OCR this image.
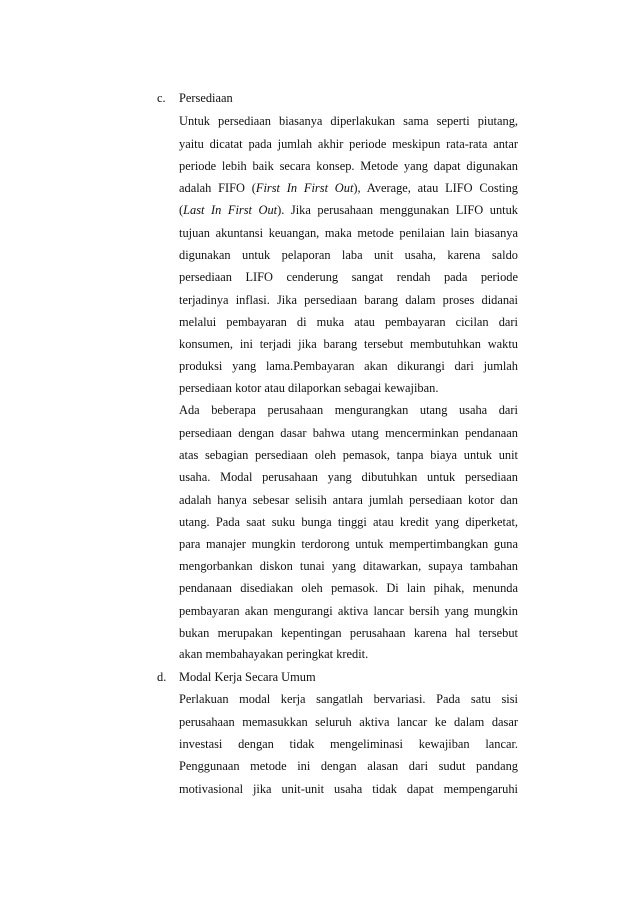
c. Persediaan
Untuk persediaan biasanya diperlakukan sama seperti piutang,
yaitu dicatat pada jumlah akhir periode meskipun rata-rata antar
periode lebih baik secara konsep. Metode yang dapat digunakan
adalah FIFO (First In First Out), Average, atau LIFO Costing
(Last In First Out). Jika perusahaan menggunakan LIFO untuk
tujuan akuntansi keuangan, maka metode penilaian lain biasanya
digunakan untuk pelaporan laba unit usaha, karena saldo
persediaan LIFO cenderung sangat rendah pada periode
terjadinya inflasi. Jika persediaan barang dalam proses didanai
melalui pembayaran di muka atau pembayaran cicilan dari
konsumen, ini terjadi jika barang tersebut membutuhkan waktu
produksi yang lama.Pembayaran akan dikurangi dari jumlah
persediaan kotor atau dilaporkan sebagai kewajiban.
Ada beberapa perusahaan mengurangkan utang usaha dari
persediaan dengan dasar bahwa utang mencerminkan pendanaan
atas sebagian persediaan oleh pemasok, tanpa biaya untuk unit
usaha. Modal perusahaan yang dibutuhkan untuk persediaan
adalah hanya sebesar selisih antara jumlah persediaan kotor dan
utang. Pada saat suku bunga tinggi atau kredit yang diperketat,
para manajer mungkin terdorong untuk mempertimbangkan guna
mengorbankan diskon tunai yang ditawarkan, supaya tambahan
pendanaan disediakan oleh pemasok. Di lain pihak, menunda
pembayaran akan mengurangi aktiva lancar bersih yang mungkin
bukan merupakan kepentingan perusahaan karena hal tersebut
akan membahayakan peringkat kredit.
d. Modal Kerja Secara Umum
Perlakuan modal kerja sangatlah bervariasi. Pada satu sisi
perusahaan memasukkan seluruh aktiva lancar ke dalam dasar
investasi dengan tidak mengeliminasi kewajiban lancar.
Penggunaan metode ini dengan alasan dari sudut pandang
motivasional jika unit-unit usaha tidak dapat mempengaruhi
